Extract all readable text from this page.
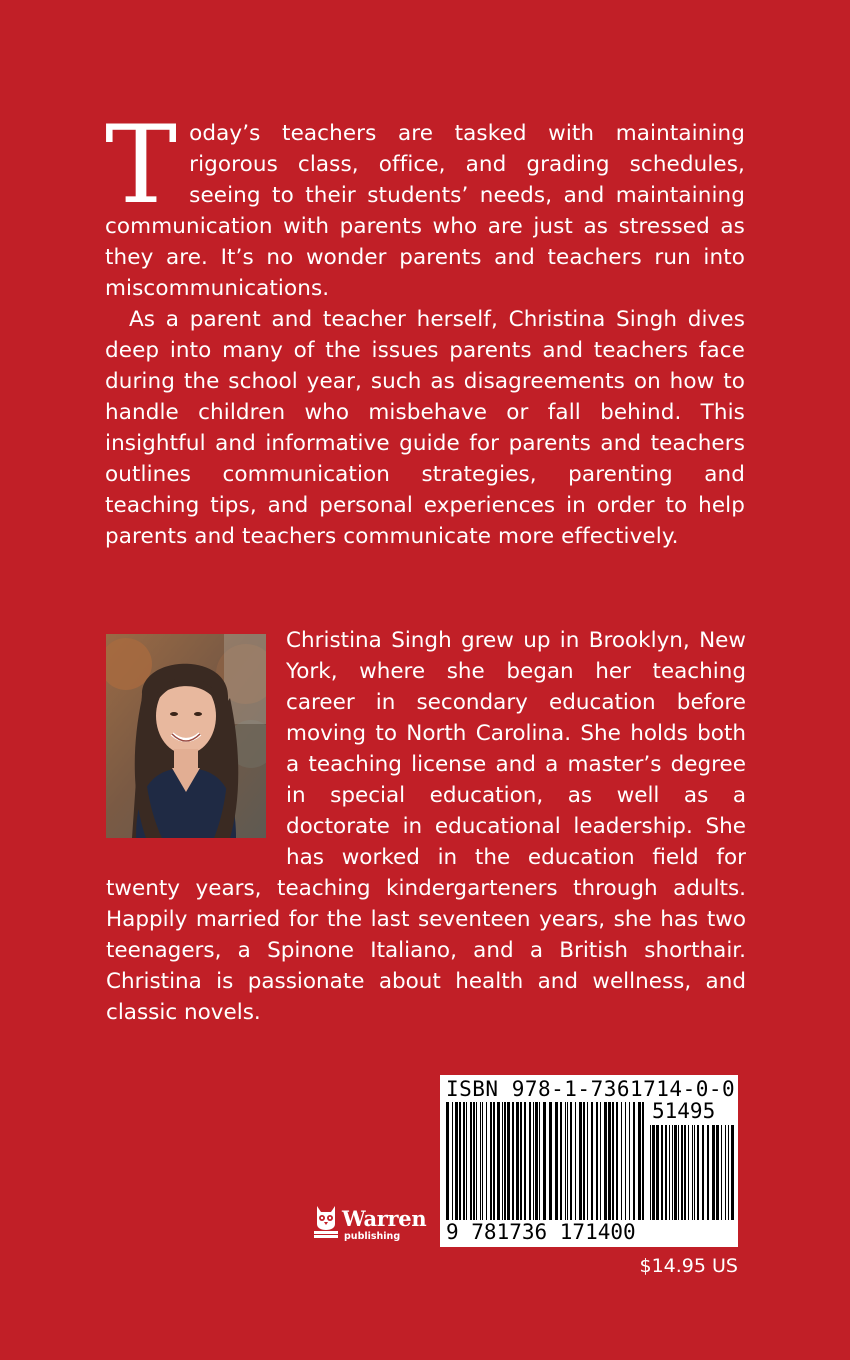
Today’s teachers are tasked with maintaining rigorous class, office, and grading schedules, seeing to their students’ needs, and maintaining communication with parents who are just as stressed as they are. It’s no wonder parents and teachers run into miscommunications.

As a parent and teacher herself, Christina Singh dives deep into many of the issues parents and teachers face during the school year, such as disagreements on how to handle children who misbehave or fall behind. This insightful and informative guide for parents and teachers outlines communication strategies, parenting and teaching tips, and personal experiences in order to help parents and teachers communicate more effectively.

Christina Singh grew up in Brooklyn, New York, where she began her teaching career in secondary education before moving to North Carolina. She holds both a teaching license and a master’s degree in special education, as well as a doctorate in educational leadership. She has worked in the education field for twenty years, teaching kindergarteners through adults. Happily married for the last seventeen years, she has two teenagers, a Spinone Italiano, and a British shorthair. Christina is passionate about health and wellness, and classic novels.

Warren
publishing
ISBN 978-1-7361714-0-0
51495
9 781736 171400
$14.95 US
